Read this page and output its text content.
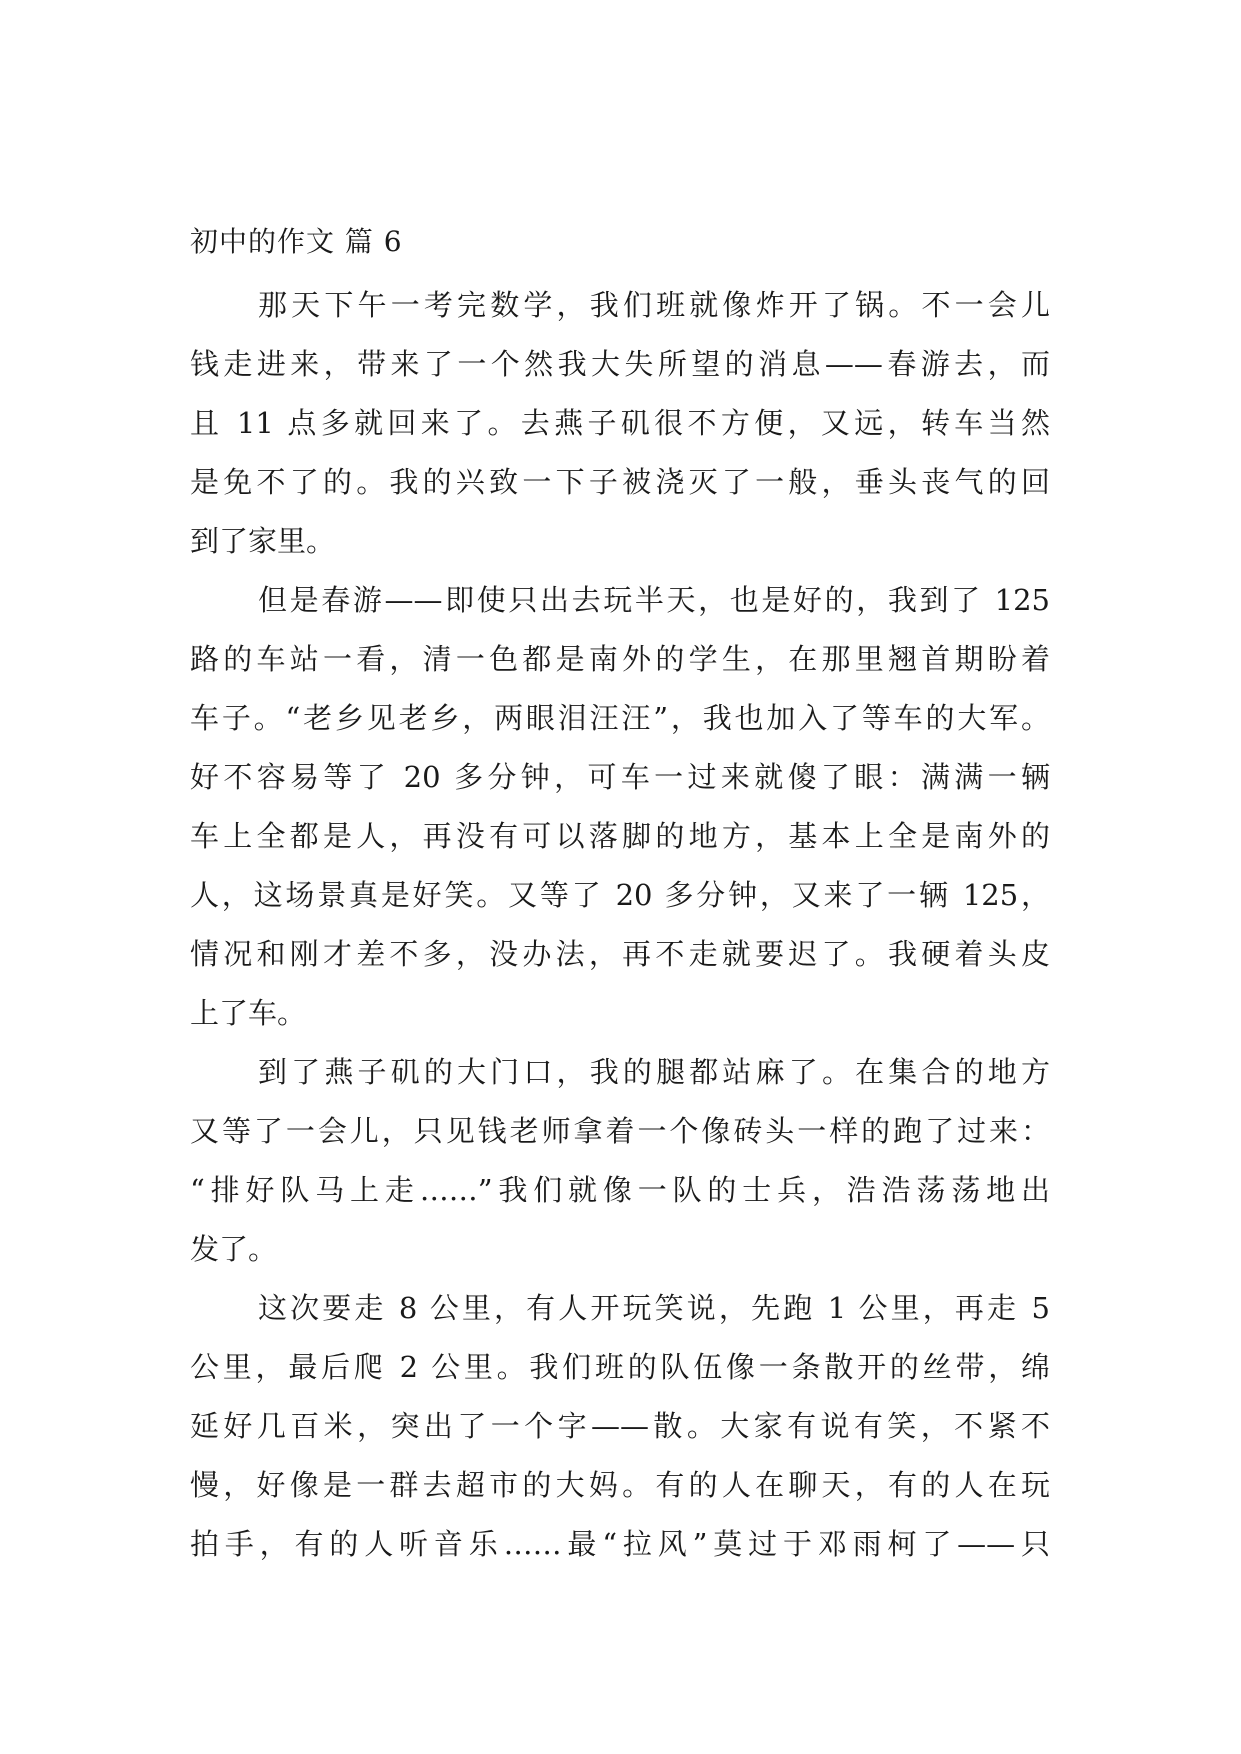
初中的作文 篇 6
那天下午一考完数学，我们班就像炸开了锅。不一会儿
钱走进来，带来了一个然我大失所望的消息——春游去，而
且 11 点多就回来了。去燕子矶很不方便，又远，转车当然
是免不了的。我的兴致一下子被浇灭了一般，垂头丧气的回
到了家里。
但是春游——即使只出去玩半天，也是好的，我到了 125
路的车站一看，清一色都是南外的学生，在那里翘首期盼着
车子。“老乡见老乡，两眼泪汪汪”，我也加入了等车的大军。
好不容易等了 20 多分钟，可车一过来就傻了眼：满满一辆
车上全都是人，再没有可以落脚的地方，基本上全是南外的
人，这场景真是好笑。又等了 20 多分钟，又来了一辆 125，
情况和刚才差不多，没办法，再不走就要迟了。我硬着头皮
上了车。
到了燕子矶的大门口，我的腿都站麻了。在集合的地方
又等了一会儿，只见钱老师拿着一个像砖头一样的跑了过来：
“排好队马上走……”我们就像一队的士兵，浩浩荡荡地出
发了。
这次要走 8 公里，有人开玩笑说，先跑 1 公里，再走 5
公里，最后爬 2 公里。我们班的队伍像一条散开的丝带，绵
延好几百米，突出了一个字——散。大家有说有笑，不紧不
慢，好像是一群去超市的大妈。有的人在聊天，有的人在玩
拍手，有的人听音乐……最“拉风”莫过于邓雨柯了——只
